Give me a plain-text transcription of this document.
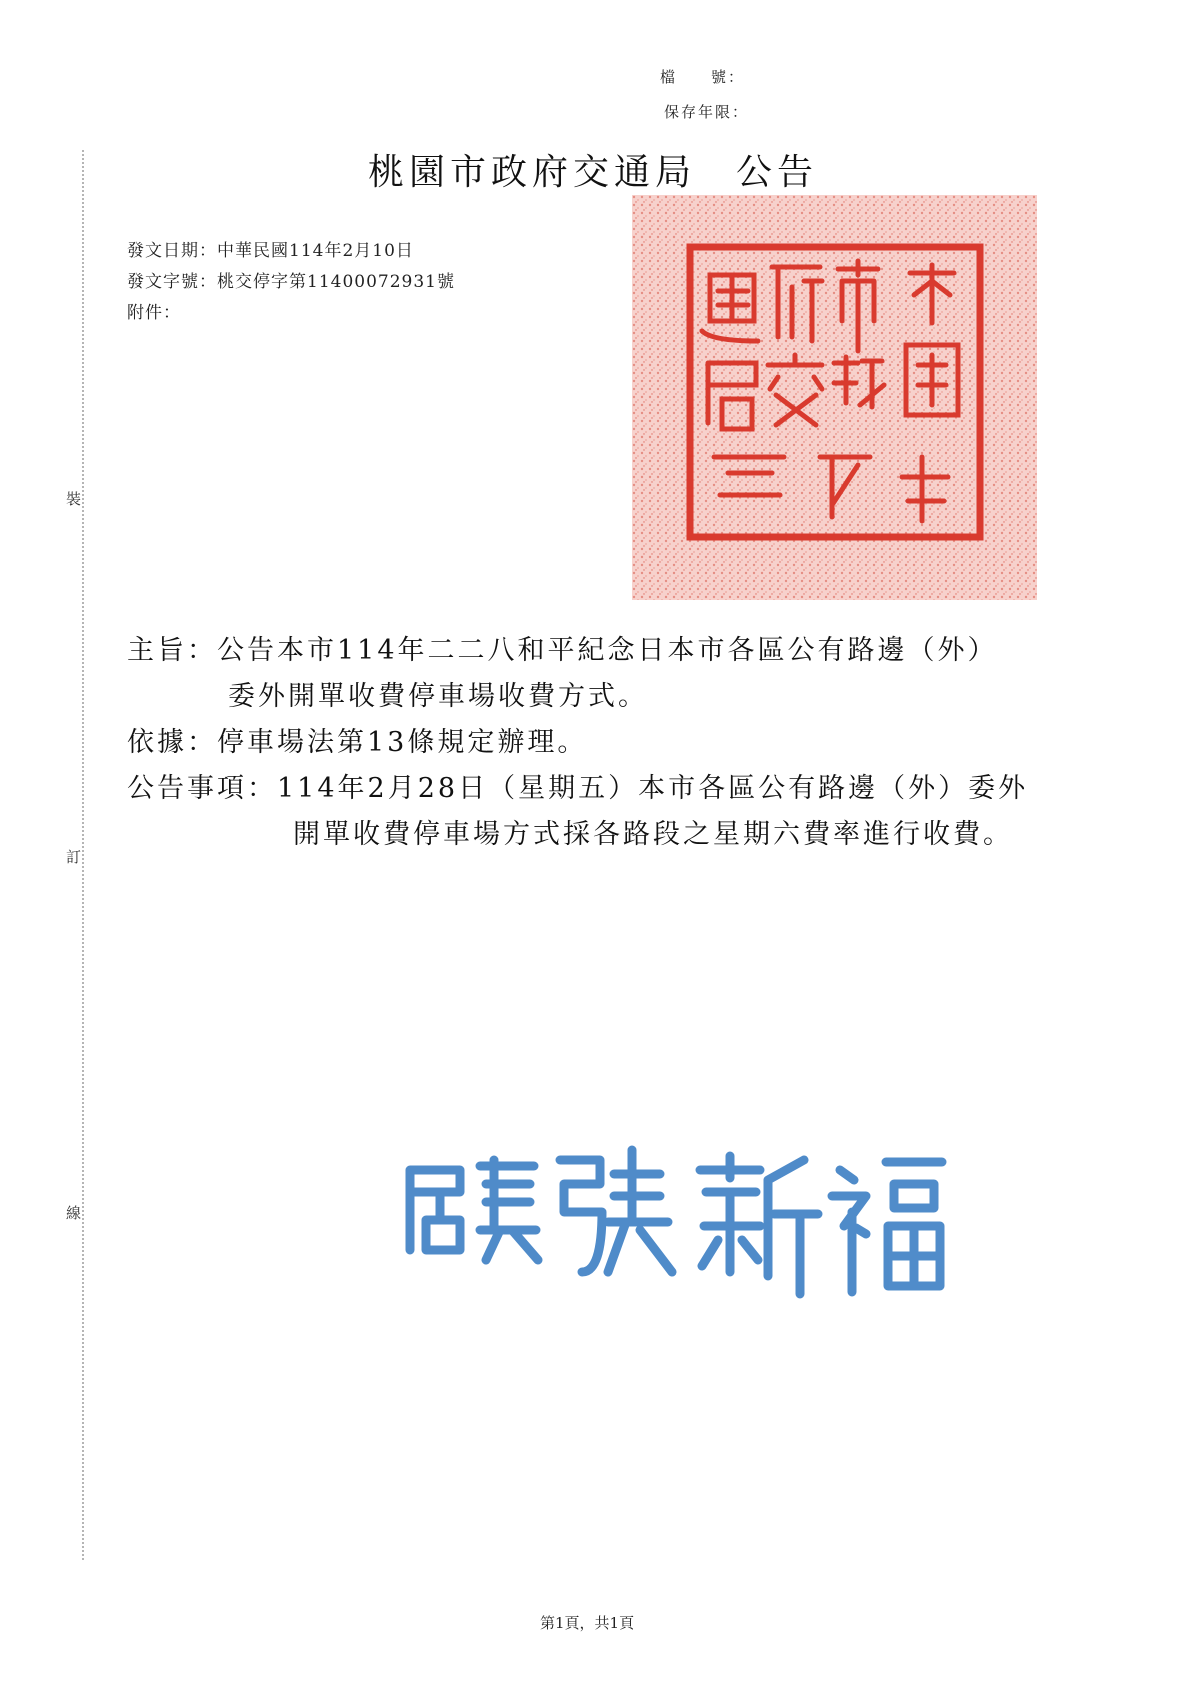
裝
訂
線
檔　　號：
保存年限：
桃園市政府交通局 公告
發文日期：中華民國114年2月10日
發文字號：桃交停字第11400072931號
附件：
主旨：公告本市114年二二八和平紀念日本市各區公有路邊（外）
委外開單收費停車場收費方式。
依據：停車場法第13條規定辦理。
公告事項：114年2月28日（星期五）本市各區公有路邊（外）委外
開單收費停車場方式採各路段之星期六費率進行收費。
第1頁，共1頁
